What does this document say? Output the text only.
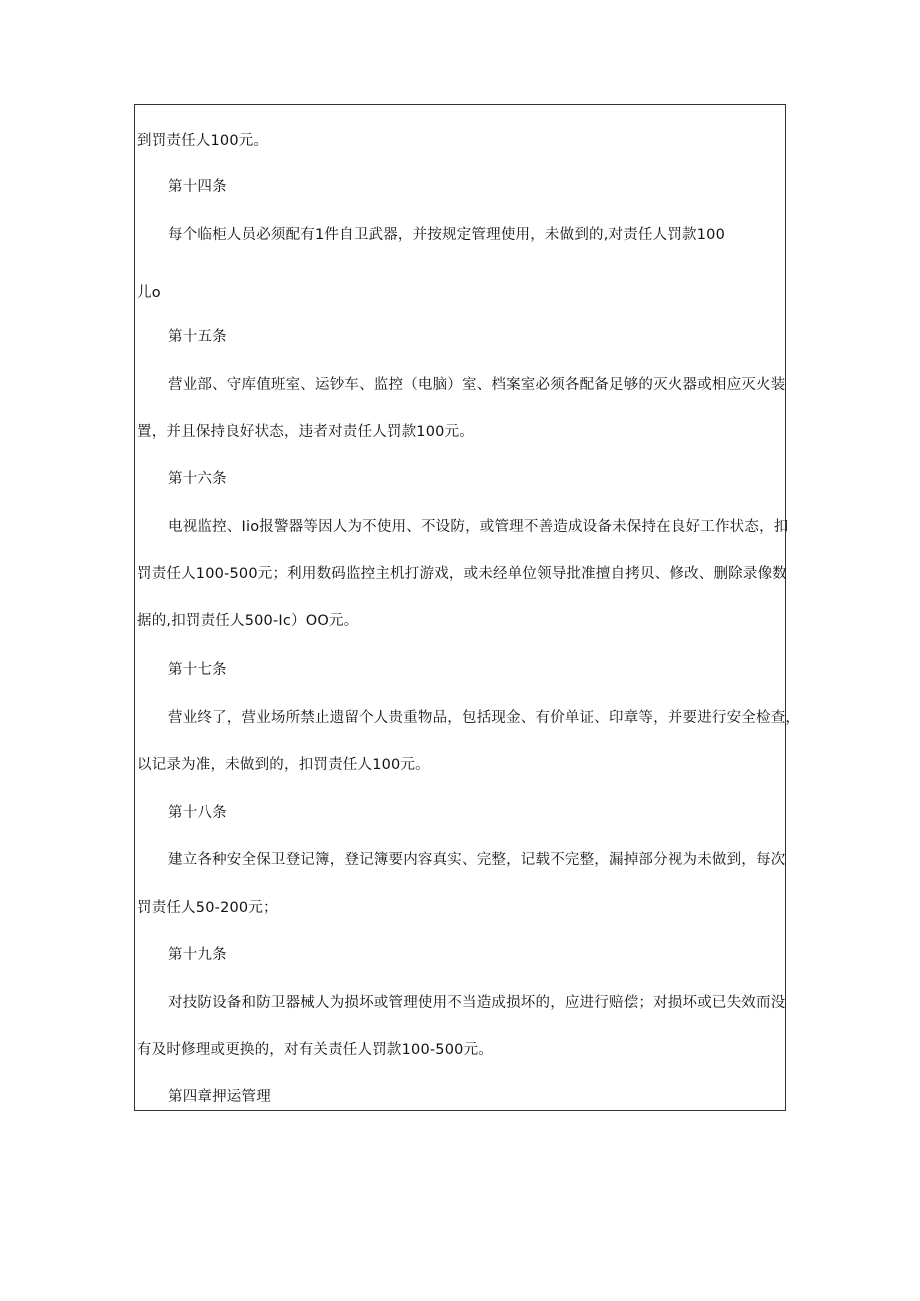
到罚责任人100元。
第十四条
每个临柜人员必须配有1件自卫武器，并按规定管理使用，未做到的,对责任人罚款100
儿o
第十五条
营业部、守库值班室、运钞车、监控（电脑）室、档案室必须各配备足够的灭火器或相应灭火装
置，并且保持良好状态，违者对责任人罚款100元。
第十六条
电视监控、Iio报警器等因人为不使用、不设防，或管理不善造成设备未保持在良好工作状态，扣
罚责任人100-500元；利用数码监控主机打游戏，或未经单位领导批准擅自拷贝、修改、删除录像数
据的,扣罚责任人500-Ic）OO元。
第十七条
营业终了，营业场所禁止遗留个人贵重物品，包括现金、有价单证、印章等，并要进行安全检查，
以记录为准，未做到的，扣罚责任人100元。
第十八条
建立各种安全保卫登记簿，登记簿要内容真实、完整，记载不完整，漏掉部分视为未做到，每次
罚责任人50-200元；
第十九条
对技防设备和防卫器械人为损坏或管理使用不当造成损坏的，应进行赔偿；对损坏或已失效而没
有及时修理或更换的，对有关责任人罚款100-500元。
第四章押运管理
